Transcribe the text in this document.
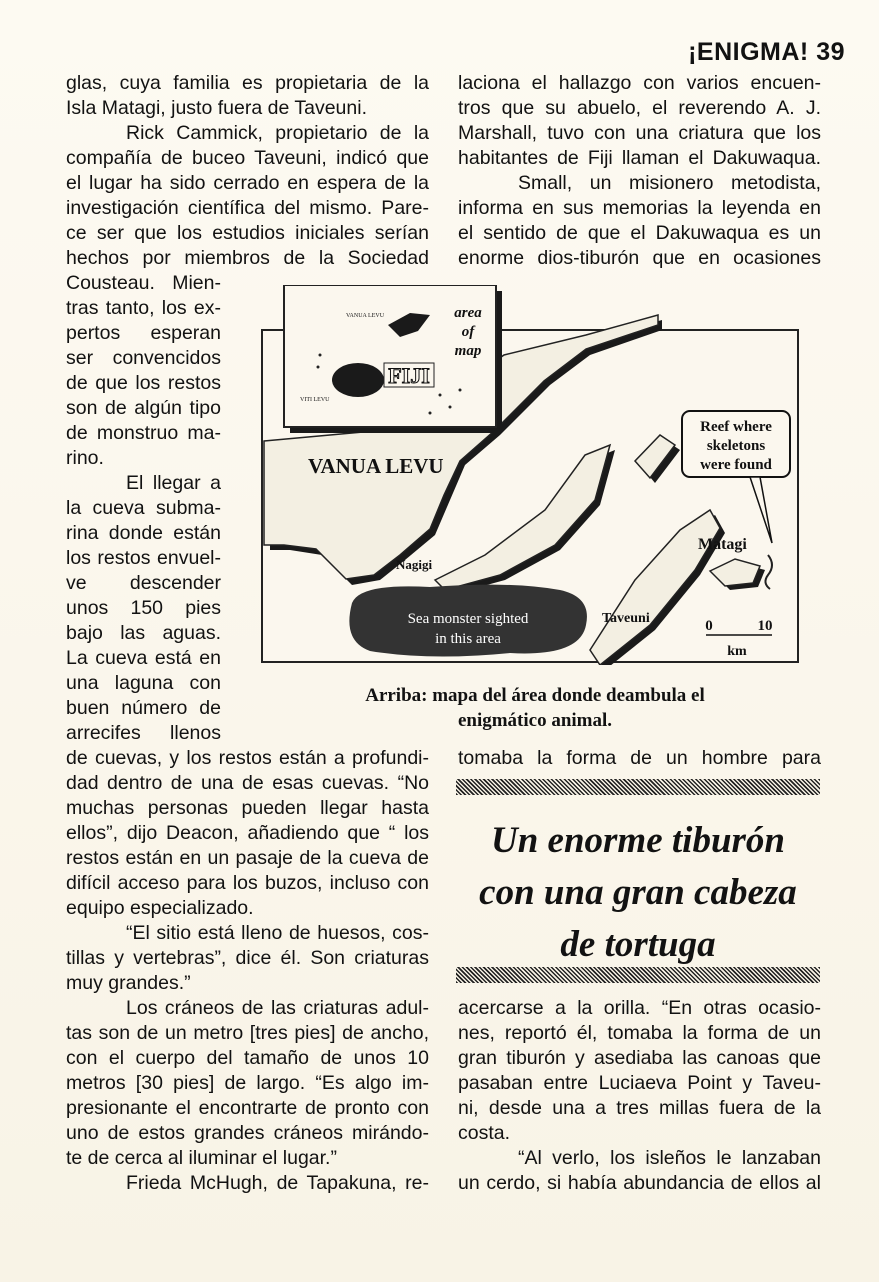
¡ENIGMA! 39
glas, cuya familia es propietaria de la
Isla Matagi, justo fuera de Taveuni.
Rick Cammick, propietario de la
compañía de buceo Taveuni, indicó que
el lugar ha sido cerrado en espera de la
investigación científica del mismo. Pare-
ce ser que los estudios iniciales serían
hechos por miembros de la Sociedad
Cousteau. Mien-
tras tanto, los ex-
pertos esperan
ser convencidos
de que los restos
son de algún tipo
de monstruo ma-
rino.
El llegar a
la cueva subma-
rina donde están
los restos envuel-
ve descender
unos 150 pies
bajo las aguas.
La cueva está en
una laguna con
buen número de
arrecifes llenos
de cuevas, y los restos están a profundi-
dad dentro de una de esas cuevas. “No
muchas personas pueden llegar hasta
ellos”, dijo Deacon, añadiendo que “ los
restos están en un pasaje de la cueva de
difícil acceso para los buzos, incluso con
equipo especializado.
“El sitio está lleno de huesos, cos-
tillas y vertebras”, dice él. Son criaturas
muy grandes.”
Los cráneos de las criaturas adul-
tas son de un metro [tres pies] de ancho,
con el cuerpo del tamaño de unos 10
metros [30 pies] de largo. “Es algo im-
presionante el encontrarte de pronto con
uno de estos grandes cráneos mirándo-
te de cerca al iluminar el lugar.”
Frieda McHugh, de Tapakuna, re-
laciona el hallazgo con varios encuen-
tros que su abuelo, el reverendo A. J.
Marshall, tuvo con una criatura que los
habitantes de Fiji llaman el Dakuwaqua.
Small, un misionero metodista,
informa en sus memorias la leyenda en
el sentido de que el Dakuwaqua es un
enorme dios-tiburón que en ocasiones
Sea monster sighted
in this area
FIJI
VANUA LEVU
VITI LEVU
area
of
map
VANUA LEVU
Reef where
skeletons
were found
Nagigi
Matagi
Taveuni	0	10
km
Arriba: mapa del área donde deambula el
enigmático animal.
tomaba la forma de un hombre para
Un enorme tiburón
con una gran cabeza
de tortuga
acercarse a la orilla. “En otras ocasio-
nes, reportó él, tomaba la forma de un
gran tiburón y asediaba las canoas que
pasaban entre Luciaeva Point y Taveu-
ni, desde una a tres millas fuera de la
costa.
“Al verlo, los isleños le lanzaban
un cerdo, si había abundancia de ellos al
